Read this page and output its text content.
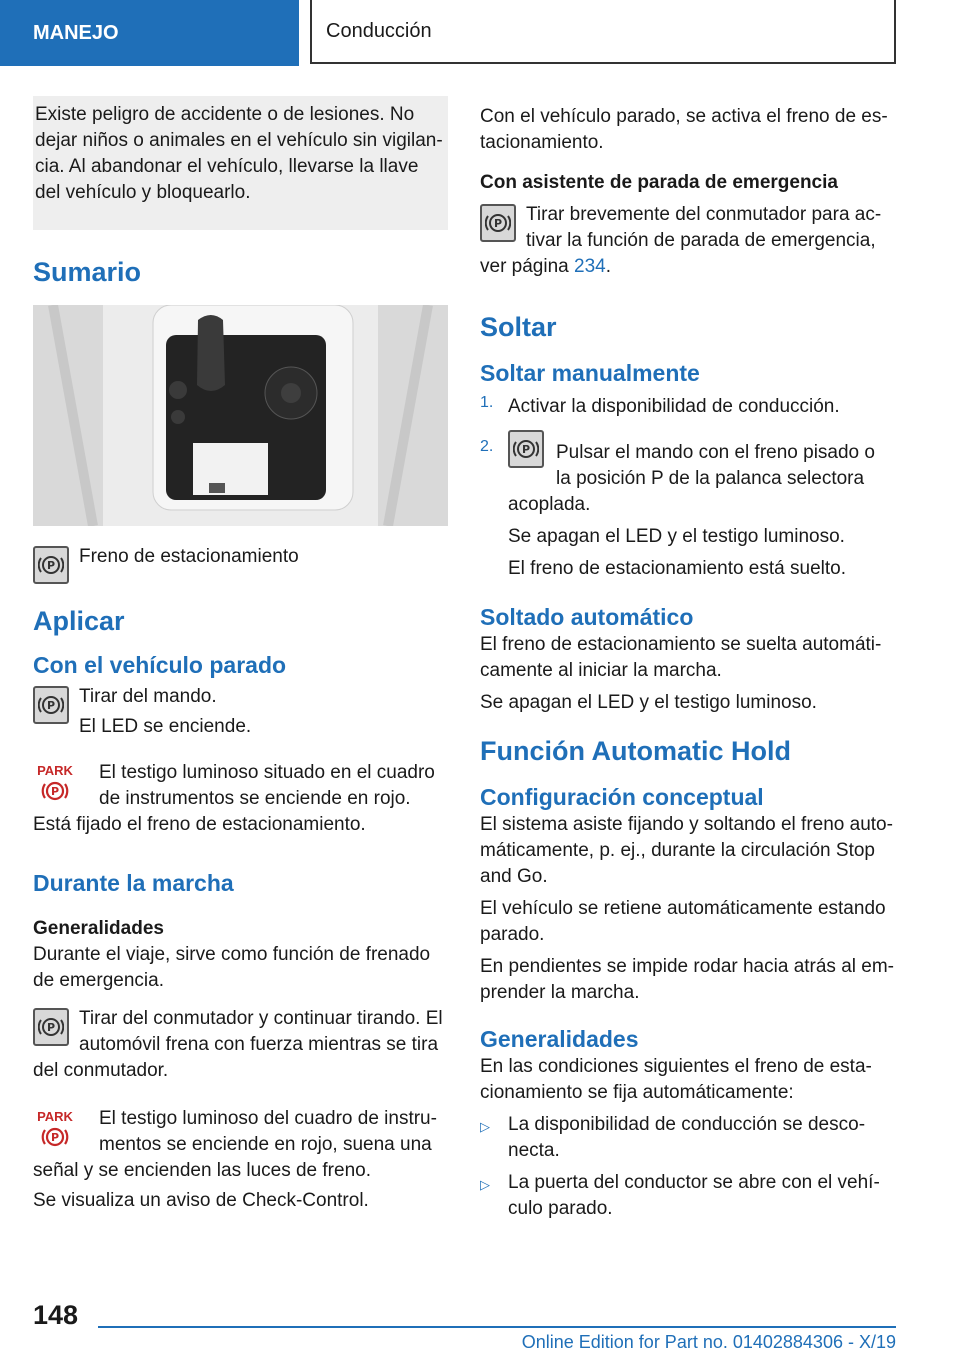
MANEJO	Conducción
Existe peligro de accidente o de lesiones. No dejar niños o animales en el vehículo sin vigilan-cia. Al abandonar el vehículo, llevarse la llave del vehículo y bloquearlo.
Sumario
P	Freno de estacionamiento

Aplicar
Con el vehículo parado
P	Tirar del mando.

El LED se enciende.

PARK
P

El testigo luminoso situado en el cuadro de instrumentos se enciende en rojo. Está fijado el freno de estacionamiento.

Durante la marcha
Generalidades

Durante el viaje, sirve como función de frenado de emergencia.

P	Tirar del conmutador y continuar tirando. El automóvil frena con fuerza mientras se tira del conmutador.

PARK
P

El testigo luminoso del cuadro de instru-mentos se enciende en rojo, suena una señal y se encienden las luces de freno.

Se visualiza un aviso de Check-Control.

Con el vehículo parado, se activa el freno de es-tacionamiento.

Con asistente de parada de emergencia
P	Tirar brevemente del conmutador para ac-tivar la función de parada de emergencia, ver página 234.

Soltar
Soltar manualmente
1. Activar la disponibilidad de conducción.

2.	P	Pulsar el mando con el freno pisado o la posición P de la palanca selectora acoplada.

Se apagan el LED y el testigo luminoso.

El freno de estacionamiento está suelto.

Soltado automático

El freno de estacionamiento se suelta automáti-camente al iniciar la marcha.

Se apagan el LED y el testigo luminoso.

Función Automatic Hold
Configuración conceptual

El sistema asiste fijando y soltando el freno auto-máticamente, p. ej., durante la circulación Stop and Go.

El vehículo se retiene automáticamente estando parado.

En pendientes se impide rodar hacia atrás al em-prender la marcha.

Generalidades

En las condiciones siguientes el freno de esta-cionamiento se fija automáticamente:

▷ La disponibilidad de conducción se desco-necta.

▷ La puerta del conductor se abre con el vehí-culo parado.

148
Online Edition for Part no. 01402884306 - X/19
